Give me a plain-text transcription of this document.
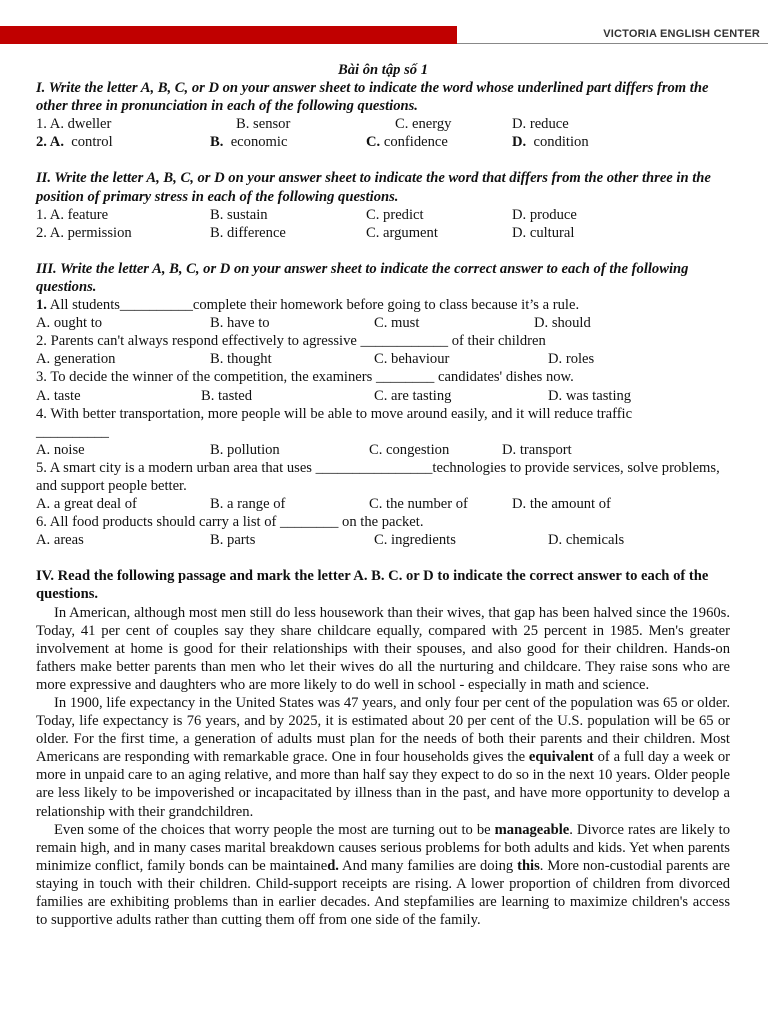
VICTORIA ENGLISH CENTER
Bài ôn tập số 1
I. Write the letter A, B, C, or D on your answer sheet to indicate the word whose underlined part differs from the other three in pronunciation in each of the following questions.
1. A. dweller	B. sensor	C. energy	D. reduce
2. A. control	B. economic	C. confidence	D. condition
II. Write the letter A, B, C, or D on your answer sheet to indicate the word that differs from the other three in the position of primary stress in each of the following questions.
1. A. feature	B. sustain	C. predict	D. produce
2. A. permission	B. difference	C. argument	D. cultural
III. Write the letter A, B, C, or D on your answer sheet to indicate the correct answer to each of the following questions.
1. All students__________complete their homework before going to class because it’s a rule.
A. ought to	B. have to	C. must	D. should
2. Parents can't always respond effectively to agressive ____________ of their children
A. generation	B. thought	C. behaviour	D. roles
3. To decide the winner of the competition, the examiners ________ candidates' dishes now.
A. taste	B. tasted	C. are tasting	D. was tasting
4. With better transportation, more people will be able to move around easily, and it will reduce traffic
__________
A. noise	B. pollution	C. congestion	D. transport
5. A smart city is a modern urban area that uses ________________technologies to provide services, solve problems, and support people better.
A. a great deal of	B. a range of	C. the number of	D. the amount of
6. All food products should carry a list of ________ on the packet.
A. areas	B. parts	C. ingredients	D. chemicals
IV. Read the following passage and mark the letter A. B. C. or D to indicate the correct answer to each of the questions.

In American, although most men still do less housework than their wives, that gap has been halved since the 1960s. Today, 41 per cent of couples say they share childcare equally, compared with 25 percent in 1985. Men's greater involvement at home is good for their relationships with their spouses, and also good for their children. Hands-on fathers make better parents than men who let their wives do all the nurturing and childcare. They raise sons who are more expressive and daughters who are more likely to do well in school - especially in math and science.

In 1900, life expectancy in the United States was 47 years, and only four per cent of the population was 65 or older. Today, life expectancy is 76 years, and by 2025, it is estimated about 20 per cent of the U.S. population will be 65 or older. For the first time, a generation of adults must plan for the needs of both their parents and their children. Most Americans are responding with remarkable grace. One in four households gives the equivalent of a full day a week or more in unpaid care to an aging relative, and more than half say they expect to do so in the next 10 years. Older people are less likely to be impoverished or incapacitated by illness than in the past, and have more opportunity to develop a relationship with their grandchildren.

Even some of the choices that worry people the most are turning out to be manageable. Divorce rates are likely to remain high, and in many cases marital breakdown causes serious problems for both adults and kids. Yet when parents minimize conflict, family bonds can be maintained. And many families are doing this. More non-custodial parents are staying in touch with their children. Child-support receipts are rising. A lower proportion of children from divorced families are exhibiting problems than in earlier decades. And stepfamilies are learning to maximize children's access to supportive adults rather than cutting them off from one side of the family.
